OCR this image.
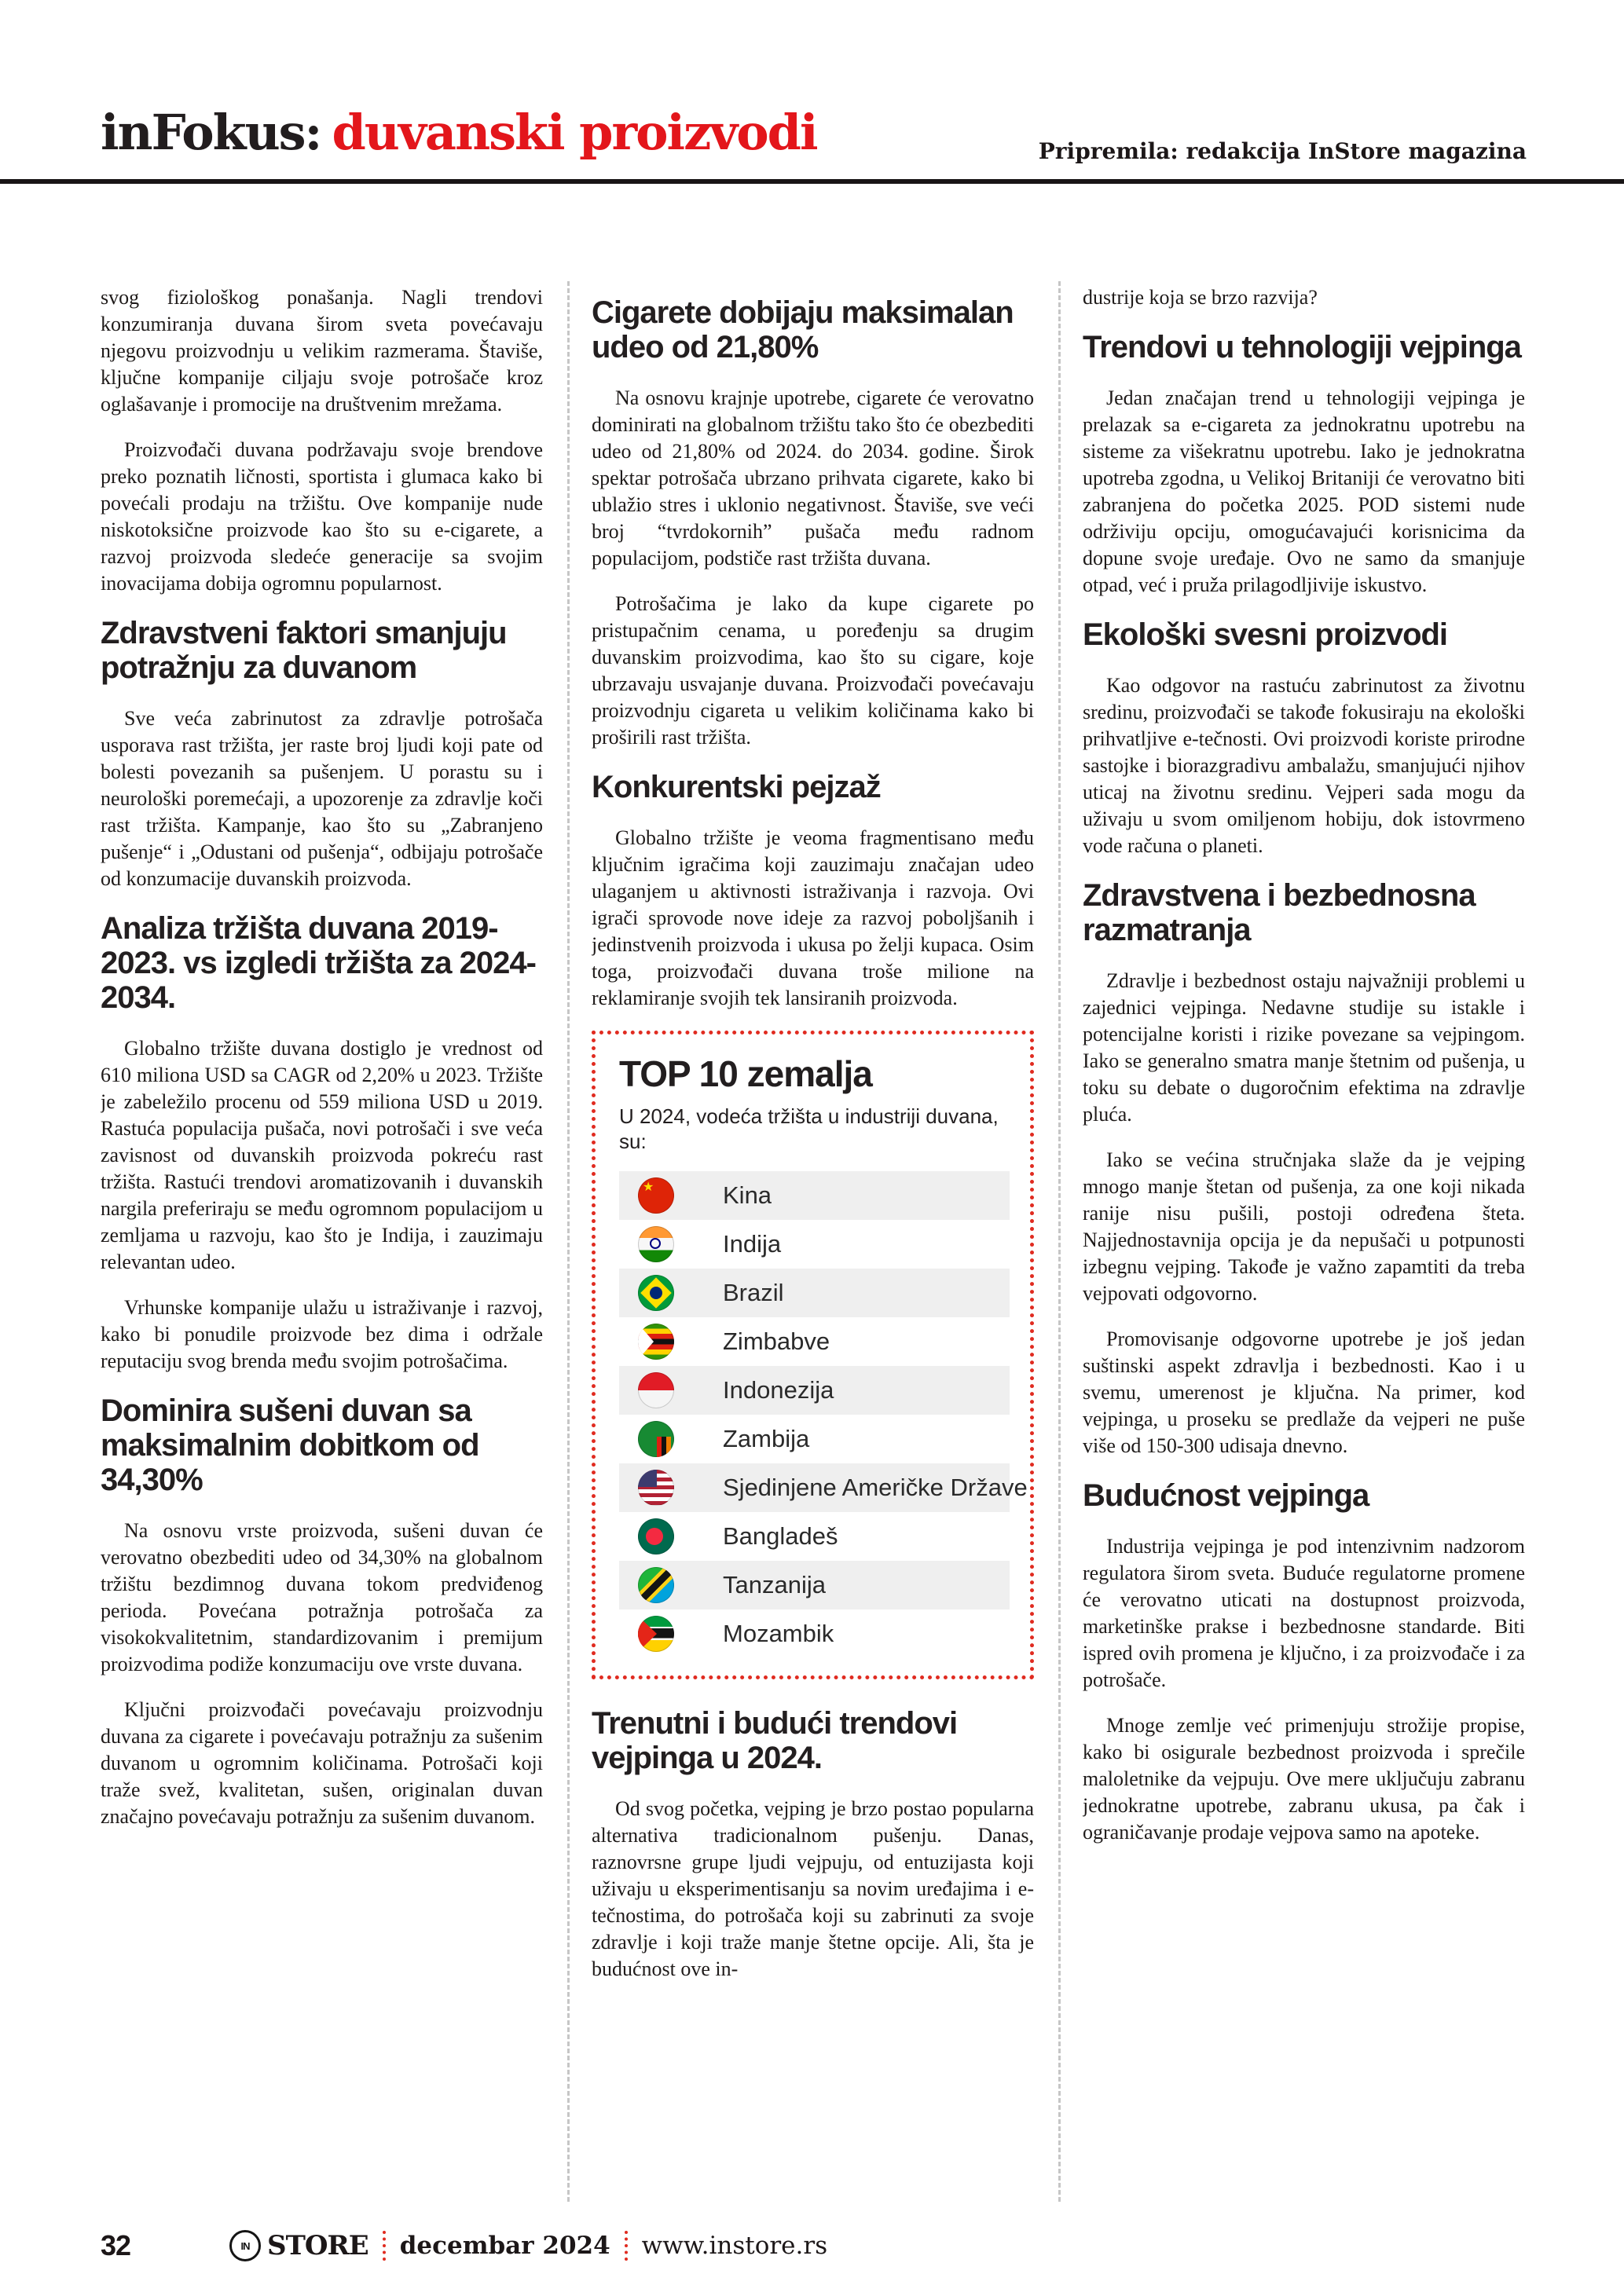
inFokus: duvanski proizvodi	Pripremila: redakcija InStore magazina

svog fiziološkog ponašanja. Nagli trendovi konzumiranja duvana širom sveta povećavaju njegovu proizvodnju u velikim razmerama. Štaviše, ključne kompanije ciljaju svoje potrošače kroz oglašavanje i promocije na društvenim mrežama.

Proizvođači duvana podržavaju svoje brendove preko poznatih ličnosti, sportista i glumaca kako bi povećali prodaju na tržištu. Ove kompanije nude niskotoksične proizvode kao što su e-cigarete, a razvoj proizvoda sledeće generacije sa svojim inovacijama dobija ogromnu popularnost.

Zdravstveni faktori smanjuju potražnju za duvanom

Sve veća zabrinutost za zdravlje potrošača usporava rast tržišta, jer raste broj ljudi koji pate od bolesti povezanih sa pušenjem. U porastu su i neurološki poremećaji, a upozorenje za zdravlje koči rast tržišta. Kampanje, kao što su „Zabranjeno pušenje“ i „Odustani od pušenja“, odbijaju potrošače od konzumacije duvanskih proizvoda.

Analiza tržišta duvana 2019-2023. vs izgledi tržišta za 2024-2034.

Globalno tržište duvana dostiglo je vrednost od 610 miliona USD sa CAGR od 2,20% u 2023. Tržište je zabeležilo procenu od 559 miliona USD u 2019. Rastuća populacija pušača, novi potrošači i sve veća zavisnost od duvanskih proizvoda pokreću rast tržišta. Rastući trendovi aromatizovanih i duvanskih nargila preferiraju se među ogromnom populacijom u zemljama u razvoju, kao što je Indija, i zauzimaju relevantan udeo.

Vrhunske kompanije ulažu u istraživanje i razvoj, kako bi ponudile proizvode bez dima i održale reputaciju svog brenda među svojim potrošačima.

Dominira sušeni duvan sa maksimalnim dobitkom od 34,30%

Na osnovu vrste proizvoda, sušeni duvan će verovatno obezbediti udeo od 34,30% na globalnom tržištu bezdimnog duvana tokom predviđenog perioda. Povećana potražnja potrošača za visokokvalitetnim, standardizovanim i premijum proizvodima podiže konzumaciju ove vrste duvana.

Ključni proizvođači povećavaju proizvodnju duvana za cigarete i povećavaju potražnju za sušenim duvanom u ogromnim količinama. Potrošači koji traže svež, kvalitetan, sušen, originalan duvan značajno povećavaju potražnju za sušenim duvanom.

Cigarete dobijaju maksimalan udeo od 21,80%

Na osnovu krajnje upotrebe, cigarete će verovatno dominirati na globalnom tržištu tako što će obezbediti udeo od 21,80% od 2024. do 2034. godine. Širok spektar potrošača ubrzano prihvata cigarete, kako bi ublažio stres i uklonio negativnost. Štaviše, sve veći broj “tvrdokornih” pušača među radnom populacijom, podstiče rast tržišta duvana.

Potrošačima je lako da kupe cigarete po pristupačnim cenama, u poređenju sa drugim duvanskim proizvodima, kao što su cigare, koje ubrzavaju usvajanje duvana. Proizvođači povećavaju proizvodnju cigareta u velikim količinama kako bi proširili rast tržišta.

Konkurentski pejzaž

Globalno tržište je veoma fragmentisano među ključnim igračima koji zauzimaju značajan udeo ulaganjem u aktivnosti istraživanja i razvoja. Ovi igrači sprovode nove ideje za razvoj poboljšanih i jedinstvenih proizvoda i ukusa po želji kupaca. Osim toga, proizvođači duvana troše milione na reklamiranje svojih tek lansiranih proizvoda.

TOP 10 zemalja
U 2024, vodeća tržišta u industriji duvana, su:
★
Kina
Indija
Brazil
Zimbabve
Indonezija
Zambija
Sjedinjene Američke Države
Bangladeš
Tanzanija
Mozambik
Trenutni i budući trendovi vejpinga u 2024.

Od svog početka, vejping je brzo postao popularna alternativa tradicionalnom pušenju. Danas, raznovrsne grupe ljudi vejpuju, od entuzijasta koji uživaju u eksperimentisanju sa novim uređajima i e-tečnostima, do potrošača koji su zabrinuti za svoje zdravlje i koji traže manje štetne opcije. Ali, šta je budućnost ove in-

dustrije koja se brzo razvija?

Trendovi u tehnologiji vejpinga

Jedan značajan trend u tehnologiji vejpinga je prelazak sa e-cigareta za jednokratnu upotrebu na sisteme za višekratnu upotrebu. Iako je jednokratna upotreba zgodna, u Velikoj Britaniji će verovatno biti zabranjena do početka 2025. POD sistemi nude održiviju opciju, omogućavajući korisnicima da dopune svoje uređaje. Ovo ne samo da smanjuje otpad, već i pruža prilagodljivije iskustvo.

Ekološki svesni proizvodi

Kao odgovor na rastuću zabrinutost za životnu sredinu, proizvođači se takođe fokusiraju na ekološki prihvatljive e-tečnosti. Ovi proizvodi koriste prirodne sastojke i biorazgradivu ambalažu, smanjujući njihov uticaj na životnu sredinu. Vejperi sada mogu da uživaju u svom omiljenom hobiju, dok istovrmeno vode računa o planeti.

Zdravstvena i bezbednosna razmatranja

Zdravlje i bezbednost ostaju najvažniji problemi u zajednici vejpinga. Nedavne studije su istakle i potencijalne koristi i rizike povezane sa vejpingom. Iako se generalno smatra manje štetnim od pušenja, u toku su debate o dugoročnim efektima na zdravlje pluća.

Iako se većina stručnjaka slaže da je vejping mnogo manje štetan od pušenja, za one koji nikada ranije nisu pušili, postoji određena šteta. Najjednostavnija opcija je da nepušači u potpunosti izbegnu vejping. Takođe je važno zapamtiti da treba vejpovati odgovorno.

Promovisanje odgovorne upotrebe je još jedan suštinski aspekt zdravlja i bezbednosti. Kao i u svemu, umerenost je ključna. Na primer, kod vejpinga, u proseku se predlaže da vejperi ne puše više od 150-300 udisaja dnevno.

Budućnost vejpinga

Industrija vejpinga je pod intenzivnim nadzorom regulatora širom sveta. Buduće regulatorne promene će verovatno uticati na dostupnost proizvoda, marketinške prakse i bezbednosne standarde. Biti ispred ovih promena je ključno, i za proizvođače i za potrošače.

Mnoge zemlje već primenjuju strožije propise, kako bi osigurale bezbednost proizvoda i sprečile maloletnike da vejpuju. Ove mere uključuju zabranu jednokratne upotrebe, zabranu ukusa, pa čak i ograničavanje prodaje vejpova samo na apoteke.

32	IN STORE decembar 2024 www.instore.rs
